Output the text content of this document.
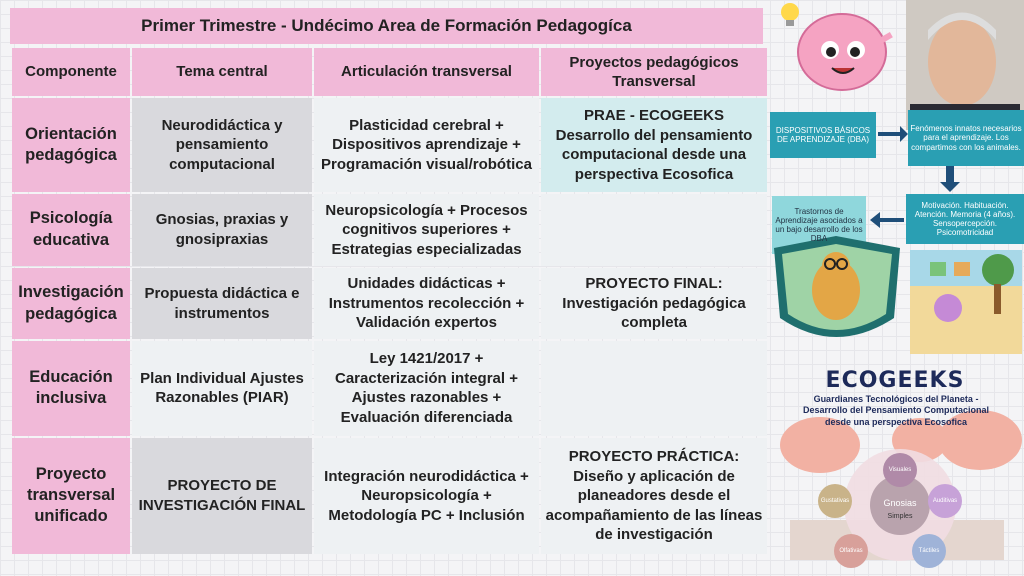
Primer Trimestre - Undécimo Area de Formación Pedagogíca
Componente	Tema central	Articulación transversal	Proyectos pedagógicos Transversal
Orientación pedagógica	Neurodidáctica y pensamiento computacional	Plasticidad cerebral + Dispositivos aprendizaje + Programación visual/robótica	PRAE - ECOGEEKS Desarrollo del pensamiento computacional desde una perspectiva Ecosofica
Psicología educativa	Gnosias, praxias y gnosipraxias	Neuropsicología + Procesos cognitivos superiores + Estrategias especializadas	
Investigación pedagógica	Propuesta didáctica e instrumentos	Unidades didácticas + Instrumentos recolección + Validación expertos	PROYECTO FINAL: Investigación pedagógica completa
Educación inclusiva	Plan Individual Ajustes Razonables (PIAR)	Ley 1421/2017 + Caracterización integral + Ajustes razonables + Evaluación diferenciada	
Proyecto transversal unificado	PROYECTO DE INVESTIGACIÓN FINAL	Integración neurodidáctica + Neuropsicología + Metodología PC + Inclusión	PROYECTO PRÁCTICA: Diseño y aplicación de planeadores desde el acompañamiento de las líneas de investigación
DISPOSITIVOS BÁSICOS DE APRENDIZAJE (DBA)
Fenómenos innatos necesarios para el aprendizaje. Los compartimos con los animales.
Motivación. Habituación. Atención. Memoria (4 años). Sensopercepción. Psicomotricidad
Trastornos de Aprendizaje asociados a un bajo desarrollo de los DBA
ECOGEEKS
Guardianes Tecnológicos del Planeta -
Desarrollo del Pensamiento Computacional
desde una perspectiva Ecosofica
Gnosias
Simples
Visuales
Auditivas
Táctiles
Olfativas
Gustativas
